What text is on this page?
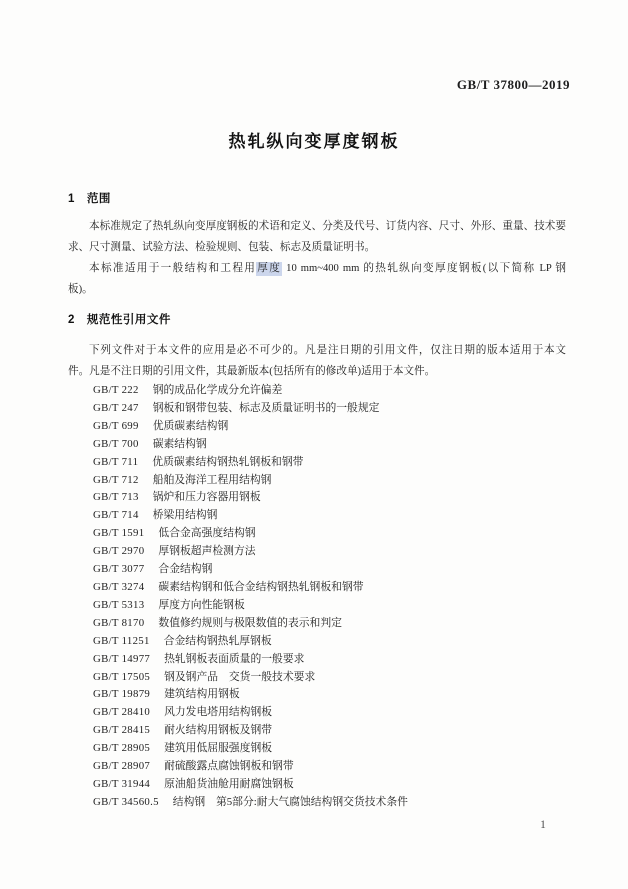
GB/T 37800—2019
热轧纵向变厚度钢板
1 范围
本标准规定了热轧纵向变厚度钢板的术语和定义、分类及代号、订货内容、尺寸、外形、重量、技术要
求、尺寸测量、试验方法、检验规则、包装、标志及质量证明书。
本标准适用于一般结构和工程用厚度 10 mm~400 mm 的热轧纵向变厚度钢板(以下简称 LP 钢
板)。
2 规范性引用文件
下列文件对于本文件的应用是必不可少的。凡是注日期的引用文件，仅注日期的版本适用于本文
件。凡是不注日期的引用文件，其最新版本(包括所有的修改单)适用于本文件。
GB/T 222 钢的成品化学成分允许偏差
GB/T 247 钢板和钢带包装、标志及质量证明书的一般规定
GB/T 699 优质碳素结构钢
GB/T 700 碳素结构钢
GB/T 711 优质碳素结构钢热轧钢板和钢带
GB/T 712 船舶及海洋工程用结构钢
GB/T 713 锅炉和压力容器用钢板
GB/T 714 桥梁用结构钢
GB/T 1591 低合金高强度结构钢
GB/T 2970 厚钢板超声检测方法
GB/T 3077 合金结构钢
GB/T 3274 碳素结构钢和低合金结构钢热轧钢板和钢带
GB/T 5313 厚度方向性能钢板
GB/T 8170 数值修约规则与极限数值的表示和判定
GB/T 11251 合金结构钢热轧厚钢板
GB/T 14977 热轧钢板表面质量的一般要求
GB/T 17505 钢及钢产品　交货一般技术要求
GB/T 19879 建筑结构用钢板
GB/T 28410 风力发电塔用结构钢板
GB/T 28415 耐火结构用钢板及钢带
GB/T 28905 建筑用低屈服强度钢板
GB/T 28907 耐硫酸露点腐蚀钢板和钢带
GB/T 31944 原油船货油舱用耐腐蚀钢板
GB/T 34560.5 结构钢　第5部分:耐大气腐蚀结构钢交货技术条件
1
